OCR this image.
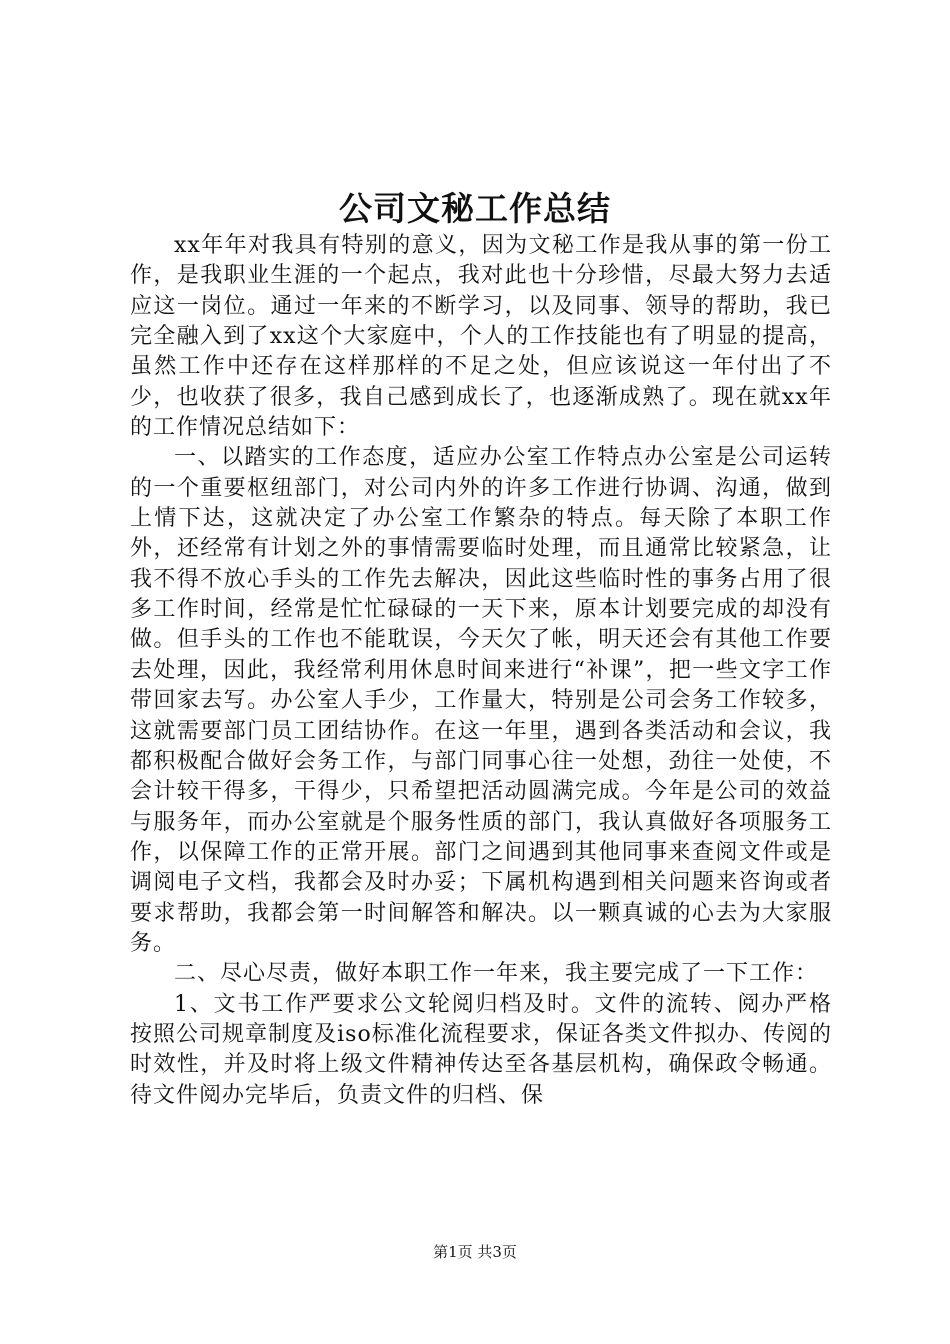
公司文秘工作总结

xx年年对我具有特别的意义，因为文秘工作是我从事的第一份工作，是我职业生涯的一个起点，我对此也十分珍惜，尽最大努力去适应这一岗位。通过一年来的不断学习，以及同事、领导的帮助，我已完全融入到了xx这个大家庭中，个人的工作技能也有了明显的提高，虽然工作中还存在这样那样的不足之处，但应该说这一年付出了不少，也收获了很多，我自己感到成长了，也逐渐成熟了。现在就xx年的工作情况总结如下：

一、以踏实的工作态度，适应办公室工作特点办公室是公司运转的一个重要枢纽部门，对公司内外的许多工作进行协调、沟通，做到上情下达，这就决定了办公室工作繁杂的特点。每天除了本职工作外，还经常有计划之外的事情需要临时处理，而且通常比较紧急，让我不得不放心手头的工作先去解决，因此这些临时性的事务占用了很多工作时间，经常是忙忙碌碌的一天下来，原本计划要完成的却没有做。但手头的工作也不能耽误，今天欠了帐，明天还会有其他工作要去处理，因此，我经常利用休息时间来进行“补课”，把一些文字工作带回家去写。办公室人手少，工作量大，特别是公司会务工作较多，这就需要部门员工团结协作。在这一年里，遇到各类活动和会议，我都积极配合做好会务工作，与部门同事心往一处想，劲往一处使，不会计较干得多，干得少，只希望把活动圆满完成。今年是公司的效益与服务年，而办公室就是个服务性质的部门，我认真做好各项服务工作，以保障工作的正常开展。部门之间遇到其他同事来查阅文件或是调阅电子文档，我都会及时办妥；下属机构遇到相关问题来咨询或者要求帮助，我都会第一时间解答和解决。以一颗真诚的心去为大家服务。

二、尽心尽责，做好本职工作一年来，我主要完成了一下工作：

1、文书工作严要求公文轮阅归档及时。文件的流转、阅办严格按照公司规章制度及iso标准化流程要求，保证各类文件拟办、传阅的时效性，并及时将上级文件精神传达至各基层机构，确保政令畅通。待文件阅办完毕后，负责文件的归档、保

第1页 共3页
